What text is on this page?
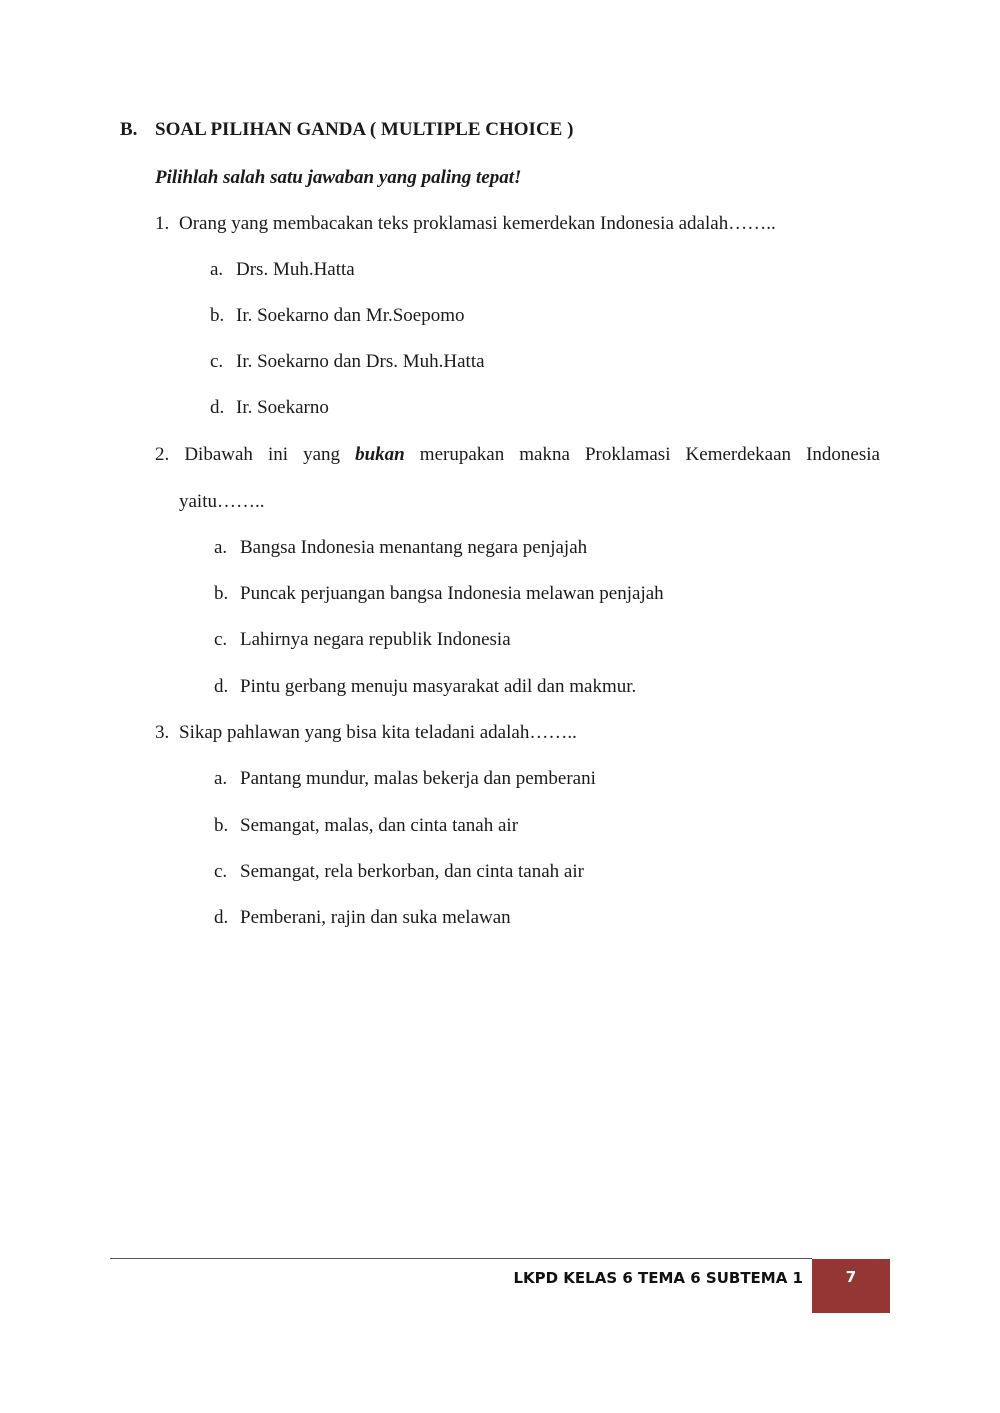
B. SOAL PILIHAN GANDA ( MULTIPLE CHOICE )
Pilihlah salah satu jawaban yang paling tepat!
1. Orang yang membacakan teks proklamasi kemerdekan Indonesia adalah……..
a. Drs. Muh.Hatta
b. Ir. Soekarno dan Mr.Soepomo
c. Ir. Soekarno dan Drs. Muh.Hatta
d. Ir. Soekarno
2. Dibawah ini yang bukan merupakan makna Proklamasi Kemerdekaan Indonesia
yaitu……..
a. Bangsa Indonesia menantang negara penjajah
b. Puncak perjuangan bangsa Indonesia melawan penjajah
c. Lahirnya negara republik Indonesia
d. Pintu gerbang menuju masyarakat adil dan makmur.
3. Sikap pahlawan yang bisa kita teladani adalah……..
a. Pantang mundur, malas bekerja dan pemberani
b. Semangat, malas, dan cinta tanah air
c. Semangat, rela berkorban, dan cinta tanah air
d. Pemberani, rajin dan suka melawan
LKPD KELAS 6 TEMA 6 SUBTEMA 1	7
